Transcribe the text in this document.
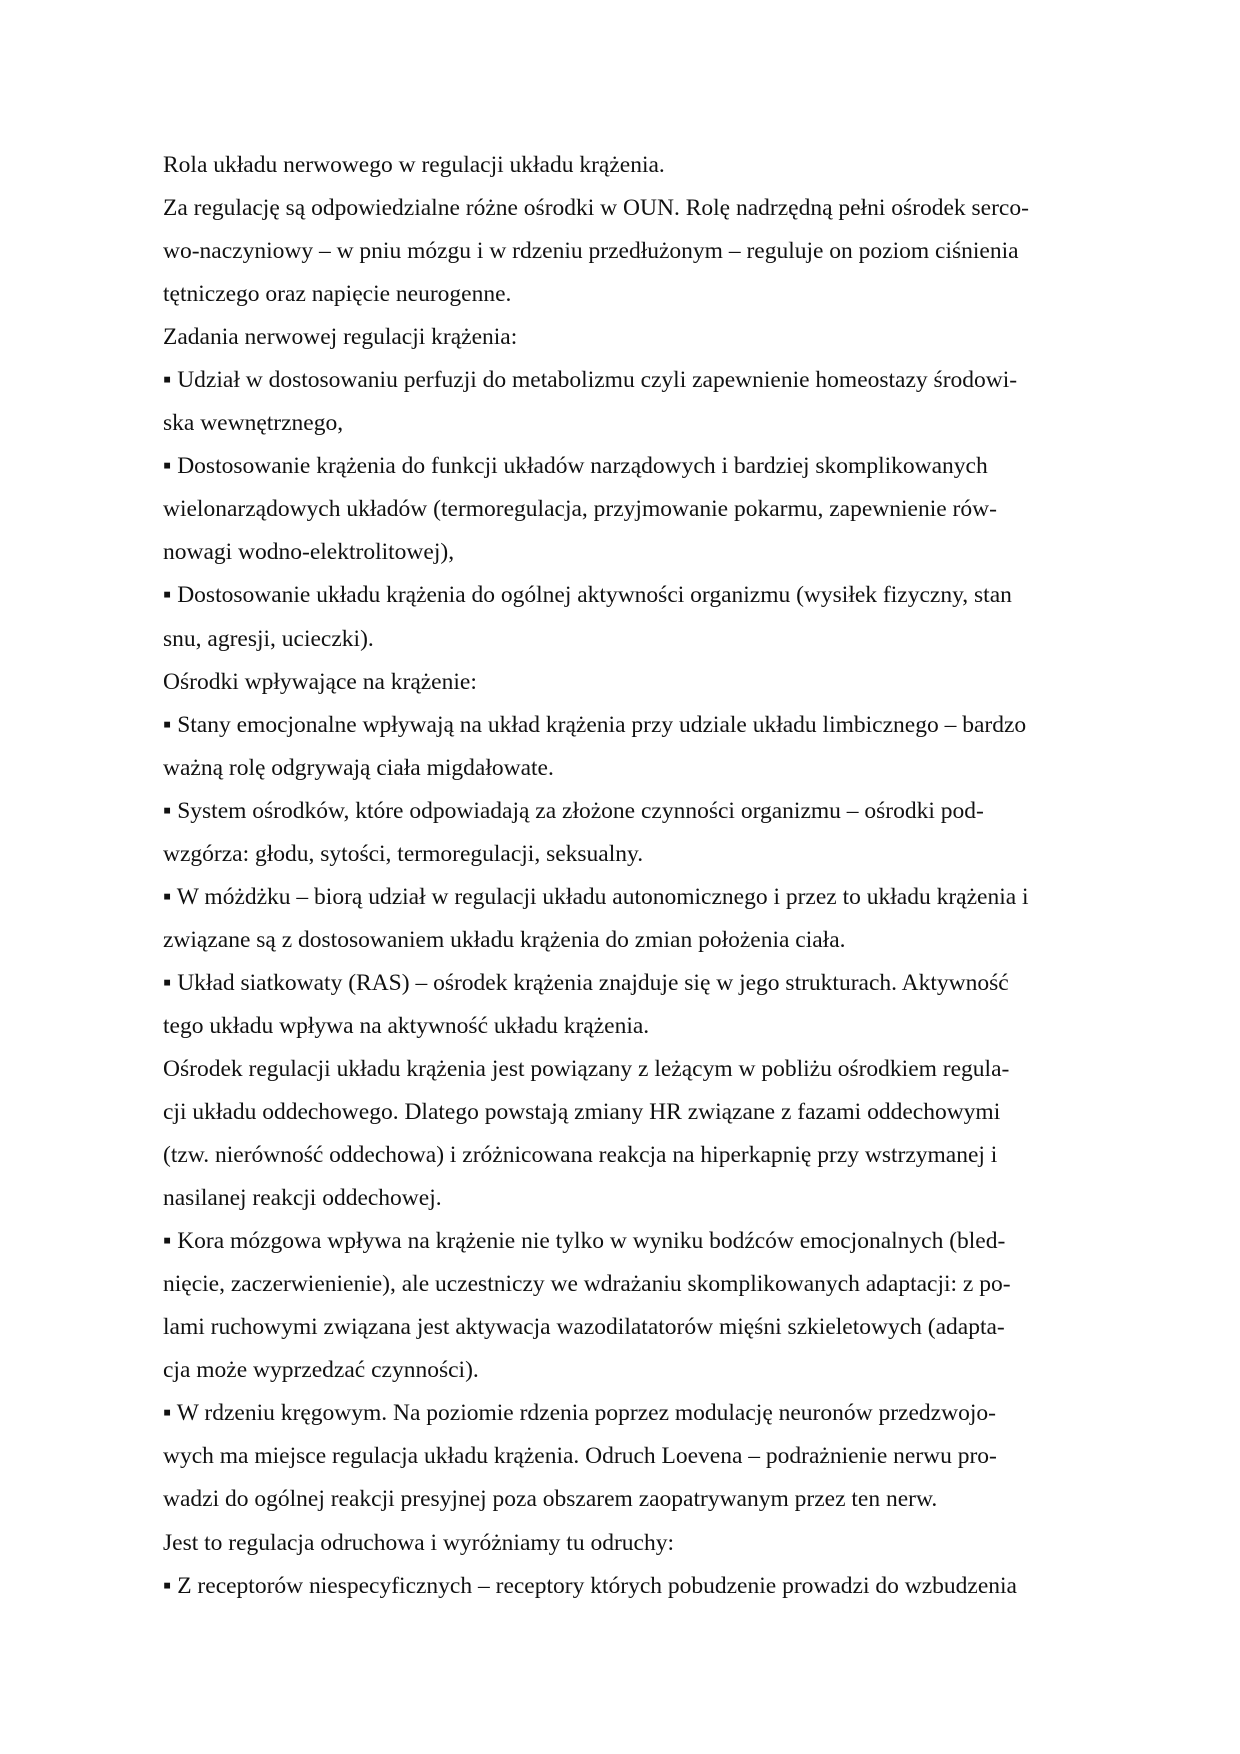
Rola układu nerwowego w regulacji układu krążenia.
Za regulację są odpowiedzialne różne ośrodki w OUN. Rolę nadrzędną pełni ośrodek serco-
wo-naczyniowy – w pniu mózgu i w rdzeniu przedłużonym – reguluje on poziom ciśnienia
tętniczego oraz napięcie neurogenne.
Zadania nerwowej regulacji krążenia:
▪ Udział w dostosowaniu perfuzji do metabolizmu czyli zapewnienie homeostazy środowi-
ska wewnętrznego,
▪ Dostosowanie krążenia do funkcji układów narządowych i bardziej skomplikowanych
wielonarządowych układów (termoregulacja, przyjmowanie pokarmu, zapewnienie rów-
nowagi wodno-elektrolitowej),
▪ Dostosowanie układu krążenia do ogólnej aktywności organizmu (wysiłek fizyczny, stan
snu, agresji, ucieczki).
Ośrodki wpływające na krążenie:
▪ Stany emocjonalne wpływają na układ krążenia przy udziale układu limbicznego – bardzo
ważną rolę odgrywają ciała migdałowate.
▪ System ośrodków, które odpowiadają za złożone czynności organizmu – ośrodki pod-
wzgórza: głodu, sytości, termoregulacji, seksualny.
▪ W móżdżku – biorą udział w regulacji układu autonomicznego i przez to układu krążenia i
związane są z dostosowaniem układu krążenia do zmian położenia ciała.
▪ Układ siatkowaty (RAS) – ośrodek krążenia znajduje się w jego strukturach. Aktywność
tego układu wpływa na aktywność układu krążenia.
Ośrodek regulacji układu krążenia jest powiązany z leżącym w pobliżu ośrodkiem regula-
cji układu oddechowego. Dlatego powstają zmiany HR związane z fazami oddechowymi
(tzw. nierówność oddechowa) i zróżnicowana reakcja na hiperkapnię przy wstrzymanej i
nasilanej reakcji oddechowej.
▪ Kora mózgowa wpływa na krążenie nie tylko w wyniku bodźców emocjonalnych (bled-
nięcie, zaczerwienienie), ale uczestniczy we wdrażaniu skomplikowanych adaptacji: z po-
lami ruchowymi związana jest aktywacja wazodilatatorów mięśni szkieletowych (adapta-
cja może wyprzedzać czynności).
▪ W rdzeniu kręgowym. Na poziomie rdzenia poprzez modulację neuronów przedzwojo-
wych ma miejsce regulacja układu krążenia. Odruch Loevena – podrażnienie nerwu pro-
wadzi do ogólnej reakcji presyjnej poza obszarem zaopatrywanym przez ten nerw.
Jest to regulacja odruchowa i wyróżniamy tu odruchy:
▪ Z receptorów niespecyficznych – receptory których pobudzenie prowadzi do wzbudzenia
